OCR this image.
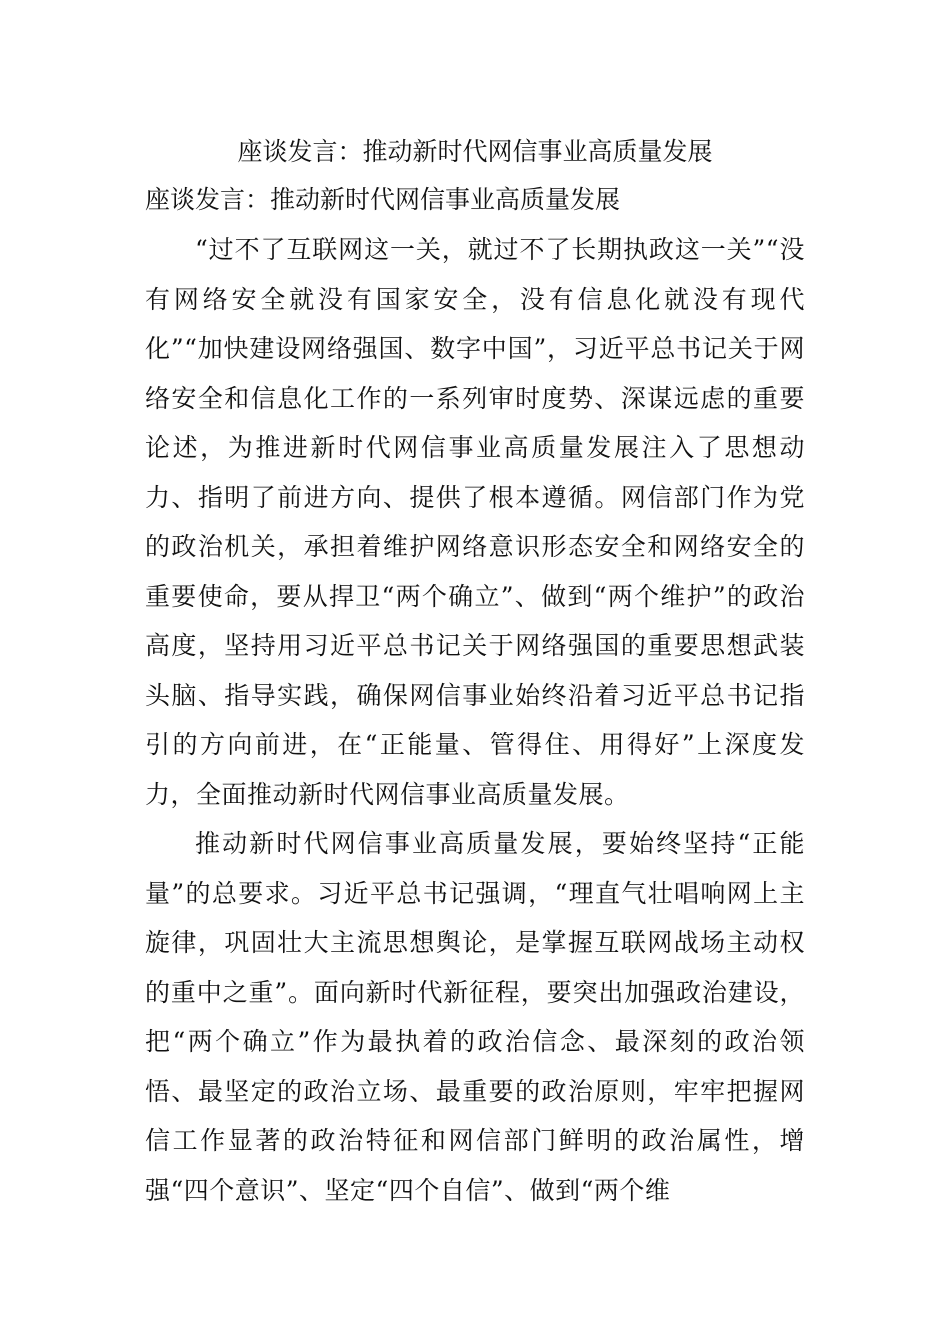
座谈发言：推动新时代网信事业高质量发展

座谈发言：推动新时代网信事业高质量发展

“过不了互联网这一关，就过不了长期执政这一关”“没有网络安全就没有国家安全，没有信息化就没有现代化”“加快建设网络强国、数字中国”，习近平总书记关于网络安全和信息化工作的一系列审时度势、深谋远虑的重要论述，为推进新时代网信事业高质量发展注入了思想动力、指明了前进方向、提供了根本遵循。网信部门作为党的政治机关，承担着维护网络意识形态安全和网络安全的重要使命，要从捍卫“两个确立”、做到“两个维护”的政治高度，坚持用习近平总书记关于网络强国的重要思想武装头脑、指导实践，确保网信事业始终沿着习近平总书记指引的方向前进，在“正能量、管得住、用得好”上深度发力，全面推动新时代网信事业高质量发展。

推动新时代网信事业高质量发展，要始终坚持“正能量”的总要求。习近平总书记强调，“理直气壮唱响网上主旋律，巩固壮大主流思想舆论，是掌握互联网战场主动权的重中之重”。面向新时代新征程，要突出加强政治建设，把“两个确立”作为最执着的政治信念、最深刻的政治领悟、最坚定的政治立场、最重要的政治原则，牢牢把握网信工作显著的政治特征和网信部门鲜明的政治属性，增强“四个意识”、坚定“四个自信”、做到“两个维
